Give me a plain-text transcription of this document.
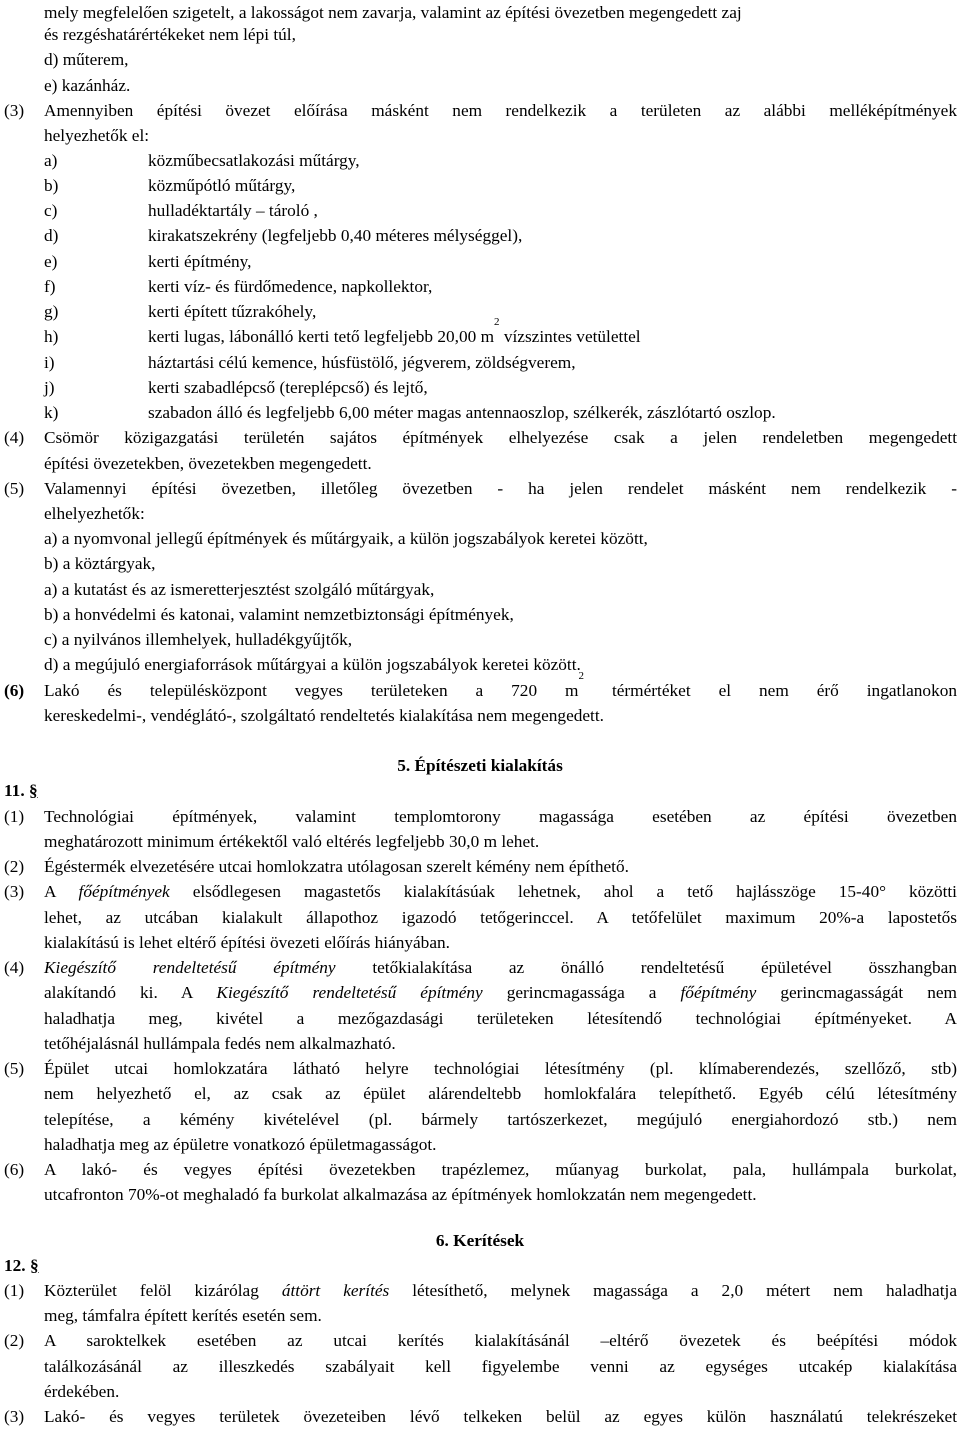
mely megfelelően szigetelt, a lakosságot nem zavarja, valamint az építési övezetben megengedett zaj
és rezgéshatárértékeket nem lépi túl,
d) műterem,
e) kazánház.
(3) Amennyiben építési övezet előírása másként nem rendelkezik a területen az alábbi melléképítmények
helyezhetők el:
a)	közműbecsatlakozási műtárgy,
b)	közműpótló műtárgy,
c)	hulladéktartály – tároló ,
d)	kirakatszekrény (legfeljebb 0,40 méteres mélységgel),
e)	kerti építmény,
f)	kerti víz- és fürdőmedence, napkollektor,
g)	kerti épített tűzrakóhely,
h)	kerti lugas, lábonálló kerti tető legfeljebb 20,00 $m^2$ vízszintes vetülettel
i)	háztartási célú kemence, húsfüstölő, jégverem, zöldségverem,
j)	kerti szabadlépcső (tereplépcső) és lejtő,
k)	szabadon álló és legfeljebb 6,00 méter magas antennaoszlop, szélkerék, zászlótartó oszlop.
(4) Csömör közigazgatási területén sajátos építmények elhelyezése csak a jelen rendeletben megengedett
építési övezetekben, övezetekben megengedett.
(5) Valamennyi építési övezetben, illetőleg övezetben - ha jelen rendelet másként nem rendelkezik -
elhelyezhetők:
a) a nyomvonal jellegű építmények és műtárgyaik, a külön jogszabályok keretei között,
b) a köztárgyak,
a) a kutatást és az ismeretterjesztést szolgáló műtárgyak,
b) a honvédelmi és katonai, valamint nemzetbiztonsági építmények,
c) a nyilvános illemhelyek, hulladékgyűjtők,
d) a megújuló energiaforrások műtárgyai a külön jogszabályok keretei között.
(6) Lakó és településközpont vegyes területeken a 720 $m^2$ térmértéket el nem érő ingatlanokon
kereskedelmi-, vendéglátó-, szolgáltató rendeltetés kialakítása nem megengedett.
5. Építészeti kialakítás
11. §
(1) Technológiai építmények, valamint templomtorony magassága esetében az építési övezetben
meghatározott minimum értékektől való eltérés legfeljebb 30,0 m lehet.
(2) Égéstermék elvezetésére utcai homlokzatra utólagosan szerelt kémény nem építhető.
(3) A főépítmények elsődlegesen magastetős kialakításúak lehetnek, ahol a tető hajlásszöge 15-40° közötti
lehet, az utcában kialakult állapothoz igazodó tetőgerinccel. A tetőfelület maximum 20%-a lapostetős
kialakítású is lehet eltérő építési övezeti előírás hiányában.
(4) Kiegészítő rendeltetésű építmény tetőkialakítása az önálló rendeltetésű épületével összhangban
alakítandó ki. A Kiegészítő rendeltetésű építmény gerincmagassága a főépítmény gerincmagasságát nem
haladhatja meg, kivétel a mezőgazdasági területeken létesítendő technológiai építményeket. A
tetőhéjalásnál hullámpala fedés nem alkalmazható.
(5) Épület utcai homlokzatára látható helyre technológiai létesítmény (pl. klímaberendezés, szellőző, stb)
nem helyezhető el, az csak az épület alárendeltebb homlokfalára telepíthető. Egyéb célú létesítmény
telepítése, a kémény kivételével (pl. bármely tartószerkezet, megújuló energiahordozó stb.) nem
haladhatja meg az épületre vonatkozó épületmagasságot.
(6) A lakó- és vegyes építési övezetekben trapézlemez, műanyag burkolat, pala, hullámpala burkolat,
utcafronton 70%-ot meghaladó fa burkolat alkalmazása az építmények homlokzatán nem megengedett.
6. Kerítések
12. §
(1) Közterület felöl kizárólag áttört kerítés létesíthető, melynek magassága a 2,0 métert nem haladhatja
meg, támfalra épített kerítés esetén sem.
(2) A saroktelkek esetében az utcai kerítés kialakításánál –eltérő övezetek és beépítési módok
találkozásánál az illeszkedés szabályait kell figyelembe venni az egységes utcakép kialakítása
érdekében.
(3) Lakó- és vegyes területek övezeteiben lévő telkeken belül az egyes külön használatú telekrészeket
